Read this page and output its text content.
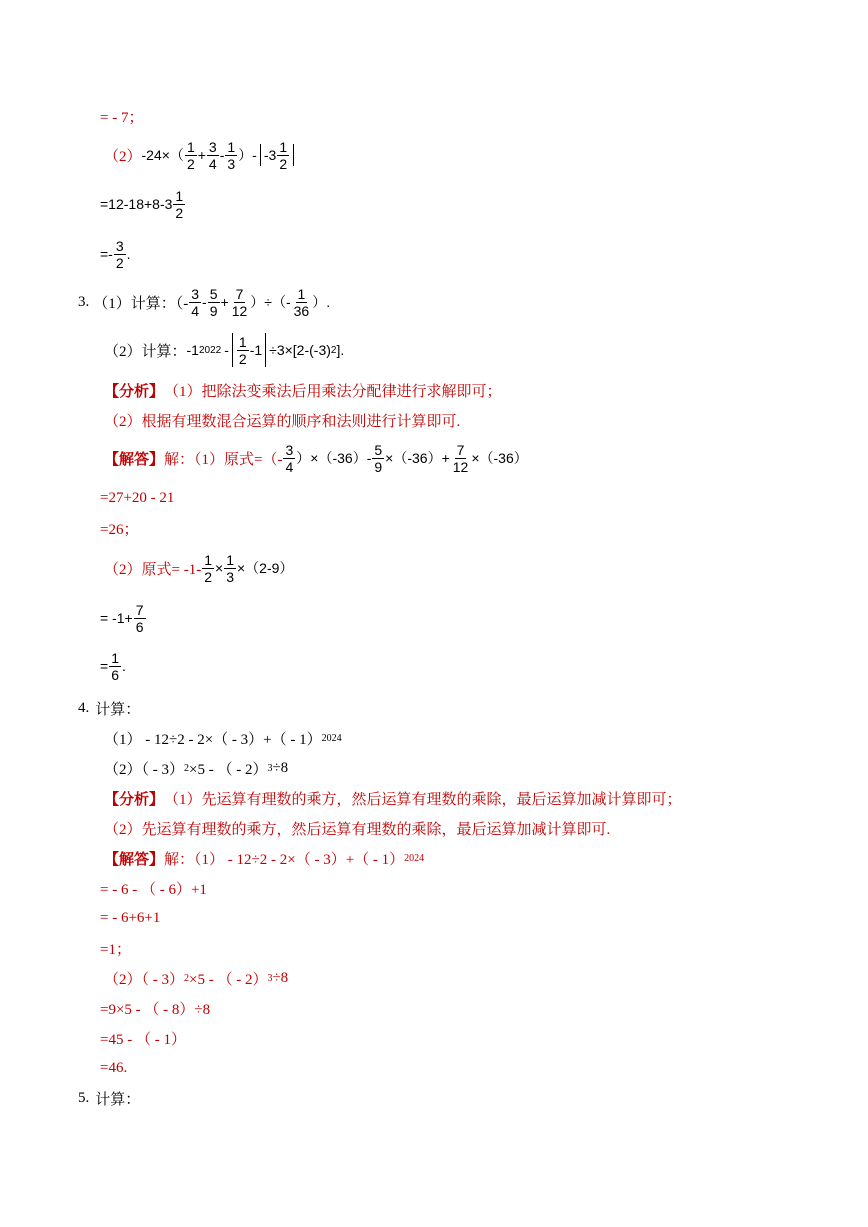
= - 7；
（2） $-24\times( \frac{1}{2} + \frac{3}{4} - \frac{1}{3}$ ）- $-3 \frac{1}{2}$
$=12-18+8-3 \frac{1}{2}$
=- $\frac{3}{2}$ .
3. （1）计算：（- $\frac{3}{4} - \frac{5}{9} + \frac{7}{12}$ ）÷（- $\frac{1}{36}$ ）.
（2）计算： -1 $2022 - \frac{1}{2} -1 \div 3\times[2-(-3)$ 2 ].
【分析】 （1）把除法变乘法后用乘法分配律进行求解即可；
（2）根据有理数混合运算的顺序和法则进行计算即可.
【解答】 解：（1）原式=（- $\frac{3}{4} )\times(-36)- \frac{5}{9} \times(-36)+ \frac{7}{12} \times(-36)$
=27+20 - 21
=26；
（2）原式= $-1- \frac{1}{2} \times \frac{1}{3} \times(2-9)$
= $-1+ \frac{7}{6}$
= $\frac{1}{6}$ .
4. 计算：
（1） - 12÷2 - 2×（ - 3）+（ - 1） 2024
（2）（ - 3） 2 ×5 - （ - 2） 3 ÷8
【分析】 （1）先运算有理数的乘方，然后运算有理数的乘除，最后运算加减计算即可；
（2）先运算有理数的乘方，然后运算有理数的乘除，最后运算加减计算即可.
【解答】 解：（1） - 12÷2 - 2×（ - 3）+（ - 1） 2024
= - 6 - （ - 6）+1
= - 6+6+1
=1；
（2）（ - 3） 2 ×5 - （ - 2） 3 ÷8
=9×5 - （ - 8）÷8
=45 - （ - 1）
=46.
5. 计算：
